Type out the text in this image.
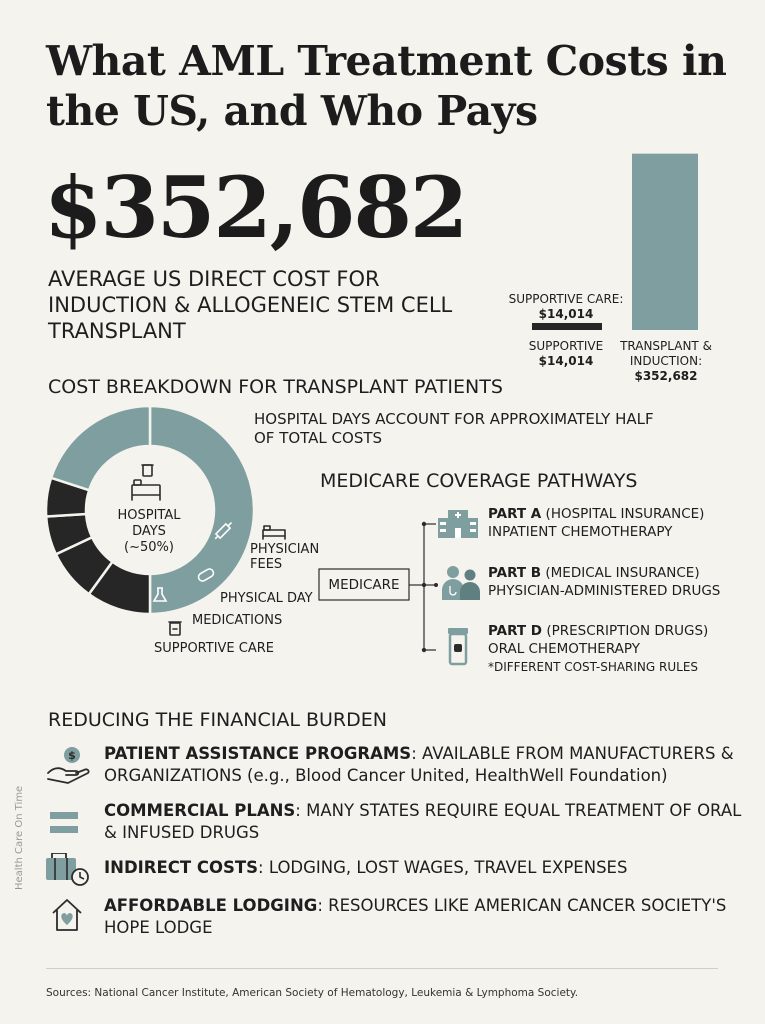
What AML Treatment Costs in the US, and Who Pays
$352,682
AVERAGE US DIRECT COST FOR INDUCTION & ALLOGENEIC STEM CELL TRANSPLANT
SUPPORTIVE CARE:
$14,014
SUPPORTIVE
$14,014
TRANSPLANT &
INDUCTION:
$352,682
COST BREAKDOWN FOR TRANSPLANT PATIENTS
HOSPITAL DAYS ACCOUNT FOR APPROXIMATELY HALF OF TOTAL COSTS
HOSPITAL
DAYS
(~50%)	PHYSICIAN
FEES
PHYSICAL DAY
MEDICATIONS
SUPPORTIVE CARE
MEDICARE COVERAGE PATHWAYS
MEDICARE
PART A (HOSPITAL INSURANCE)
INPATIENT CHEMOTHERAPY
PART B (MEDICAL INSURANCE)
PHYSICIAN-ADMINISTERED DRUGS
PART D (PRESCRIPTION DRUGS)
ORAL CHEMOTHERAPY
*DIFFERENT COST-SHARING RULES
REDUCING THE FINANCIAL BURDEN
$ PATIENT ASSISTANCE PROGRAMS: AVAILABLE FROM MANUFACTURERS & ORGANIZATIONS (e.g., Blood Cancer United, HealthWell Foundation)
COMMERCIAL PLANS: MANY STATES REQUIRE EQUAL TREATMENT OF ORAL & INFUSED DRUGS
INDIRECT COSTS: LODGING, LOST WAGES, TRAVEL EXPENSES
AFFORDABLE LODGING: RESOURCES LIKE AMERICAN CANCER SOCIETY'S HOPE LODGE
Sources: National Cancer Institute, American Society of Hematology, Leukemia & Lymphoma Society.
Health Care On Time
